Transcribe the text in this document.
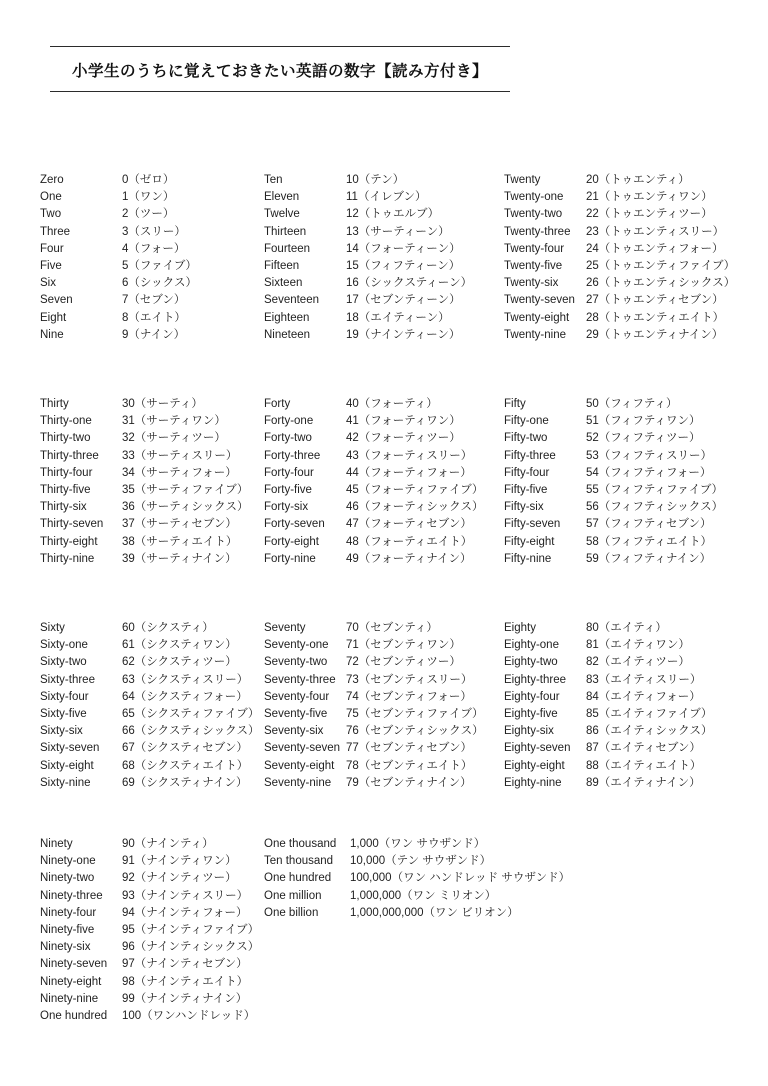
小学生のうちに覚えておきたい英語の数字【読み方付き】
Zero	0（ゼロ）
One	1（ワン）
Two	2（ツー）
Three	3（スリー）
Four	4（フォー）
Five	5（ファイブ）
Six	6（シックス）
Seven	7（セブン）
Eight	8（エイト）
Nine	9（ナイン）
Ten	10（テン）
Eleven	11（イレブン）
Twelve	12（トゥエルブ）
Thirteen	13（サーティーン）
Fourteen	14（フォーティーン）
Fifteen	15（フィフティーン）
Sixteen	16（シックスティーン）
Seventeen	17（セブンティーン）
Eighteen	18（エイティーン）
Nineteen	19（ナインティーン）
Twenty	20（トゥエンティ）
Twenty-one	21（トゥエンティワン）
Twenty-two	22（トゥエンティツー）
Twenty-three	23（トゥエンティスリー）
Twenty-four	24（トゥエンティフォー）
Twenty-five	25（トゥエンティファイブ）
Twenty-six	26（トゥエンティシックス）
Twenty-seven 27（トゥエンティセブン）
Twenty-eight	28（トゥエンティエイト）
Twenty-nine	29（トゥエンティナイン）
Thirty	30（サーティ）
Thirty-one	31（サーティワン）
Thirty-two	32（サーティツー）
Thirty-three	33（サーティスリー）
Thirty-four	34（サーティフォー）
Thirty-five	35（サーティファイブ）
Thirty-six	36（サーティシックス）
Thirty-seven	37（サーティセブン）
Thirty-eight	38（サーティエイト）
Thirty-nine	39（サーティナイン）
Forty	40（フォーティ）
Forty-one	41（フォーティワン）
Forty-two	42（フォーティツー）
Forty-three	43（フォーティスリー）
Forty-four	44（フォーティフォー）
Forty-five	45（フォーティファイブ）
Forty-six	46（フォーティシックス）
Forty-seven	47（フォーティセブン）
Forty-eight	48（フォーティエイト）
Forty-nine	49（フォーティナイン）
Fifty	50（フィフティ）
Fifty-one	51（フィフティワン）
Fifty-two	52（フィフティツー）
Fifty-three	53（フィフティスリー）
Fifty-four	54（フィフティフォー）
Fifty-five	55（フィフティファイブ）
Fifty-six	56（フィフティシックス）
Fifty-seven	57（フィフティセブン）
Fifty-eight	58（フィフティエイト）
Fifty-nine	59（フィフティナイン）
Sixty	60（シクスティ）
Sixty-one	61（シクスティワン）
Sixty-two	62（シクスティツー）
Sixty-three	63（シクスティスリー）
Sixty-four	64（シクスティフォー）
Sixty-five	65（シクスティファイブ）
Sixty-six	66（シクスティシックス）
Sixty-seven	67（シクスティセブン）
Sixty-eight	68（シクスティエイト）
Sixty-nine	69（シクスティナイン）
Seventy	70（セブンティ）
Seventy-one	71（セブンティワン）
Seventy-two	72（セブンティツー）
Seventy-three 73（セブンティスリー）
Seventy-four	74（セブンティフォー）
Seventy-five	75（セブンティファイブ）
Seventy-six	76（セブンティシックス）
Seventy-seven 77（セブンティセブン）
Seventy-eight	78（セブンティエイト）
Seventy-nine	79（セブンティナイン）
Eighty	80（エイティ）
Eighty-one	81（エイティワン）
Eighty-two	82（エイティツー）
Eighty-three	83（エイティスリー）
Eighty-four	84（エイティフォー）
Eighty-five	85（エイティファイブ）
Eighty-six	86（エイティシックス）
Eighty-seven	87（エイティセブン）
Eighty-eight	88（エイティエイト）
Eighty-nine	89（エイティナイン）
Ninety	90（ナインティ）
Ninety-one	91（ナインティワン）
Ninety-two	92（ナインティツー）
Ninety-three	93（ナインティスリー）
Ninety-four	94（ナインティフォー）
Ninety-five	95（ナインティファイブ）
Ninety-six	96（ナインティシックス）
Ninety-seven	97（ナインティセブン）
Ninety-eight	98（ナインティエイト）
Ninety-nine	99（ナインティナイン）
One hundred	100（ワンハンドレッド）
One thousand	1,000（ワン サウザンド）
Ten thousand	10,000（テン サウザンド）
One hundred	100,000（ワン ハンドレッド サウザンド）
One million	1,000,000（ワン ミリオン）
One billion	1,000,000,000（ワン ビリオン）
